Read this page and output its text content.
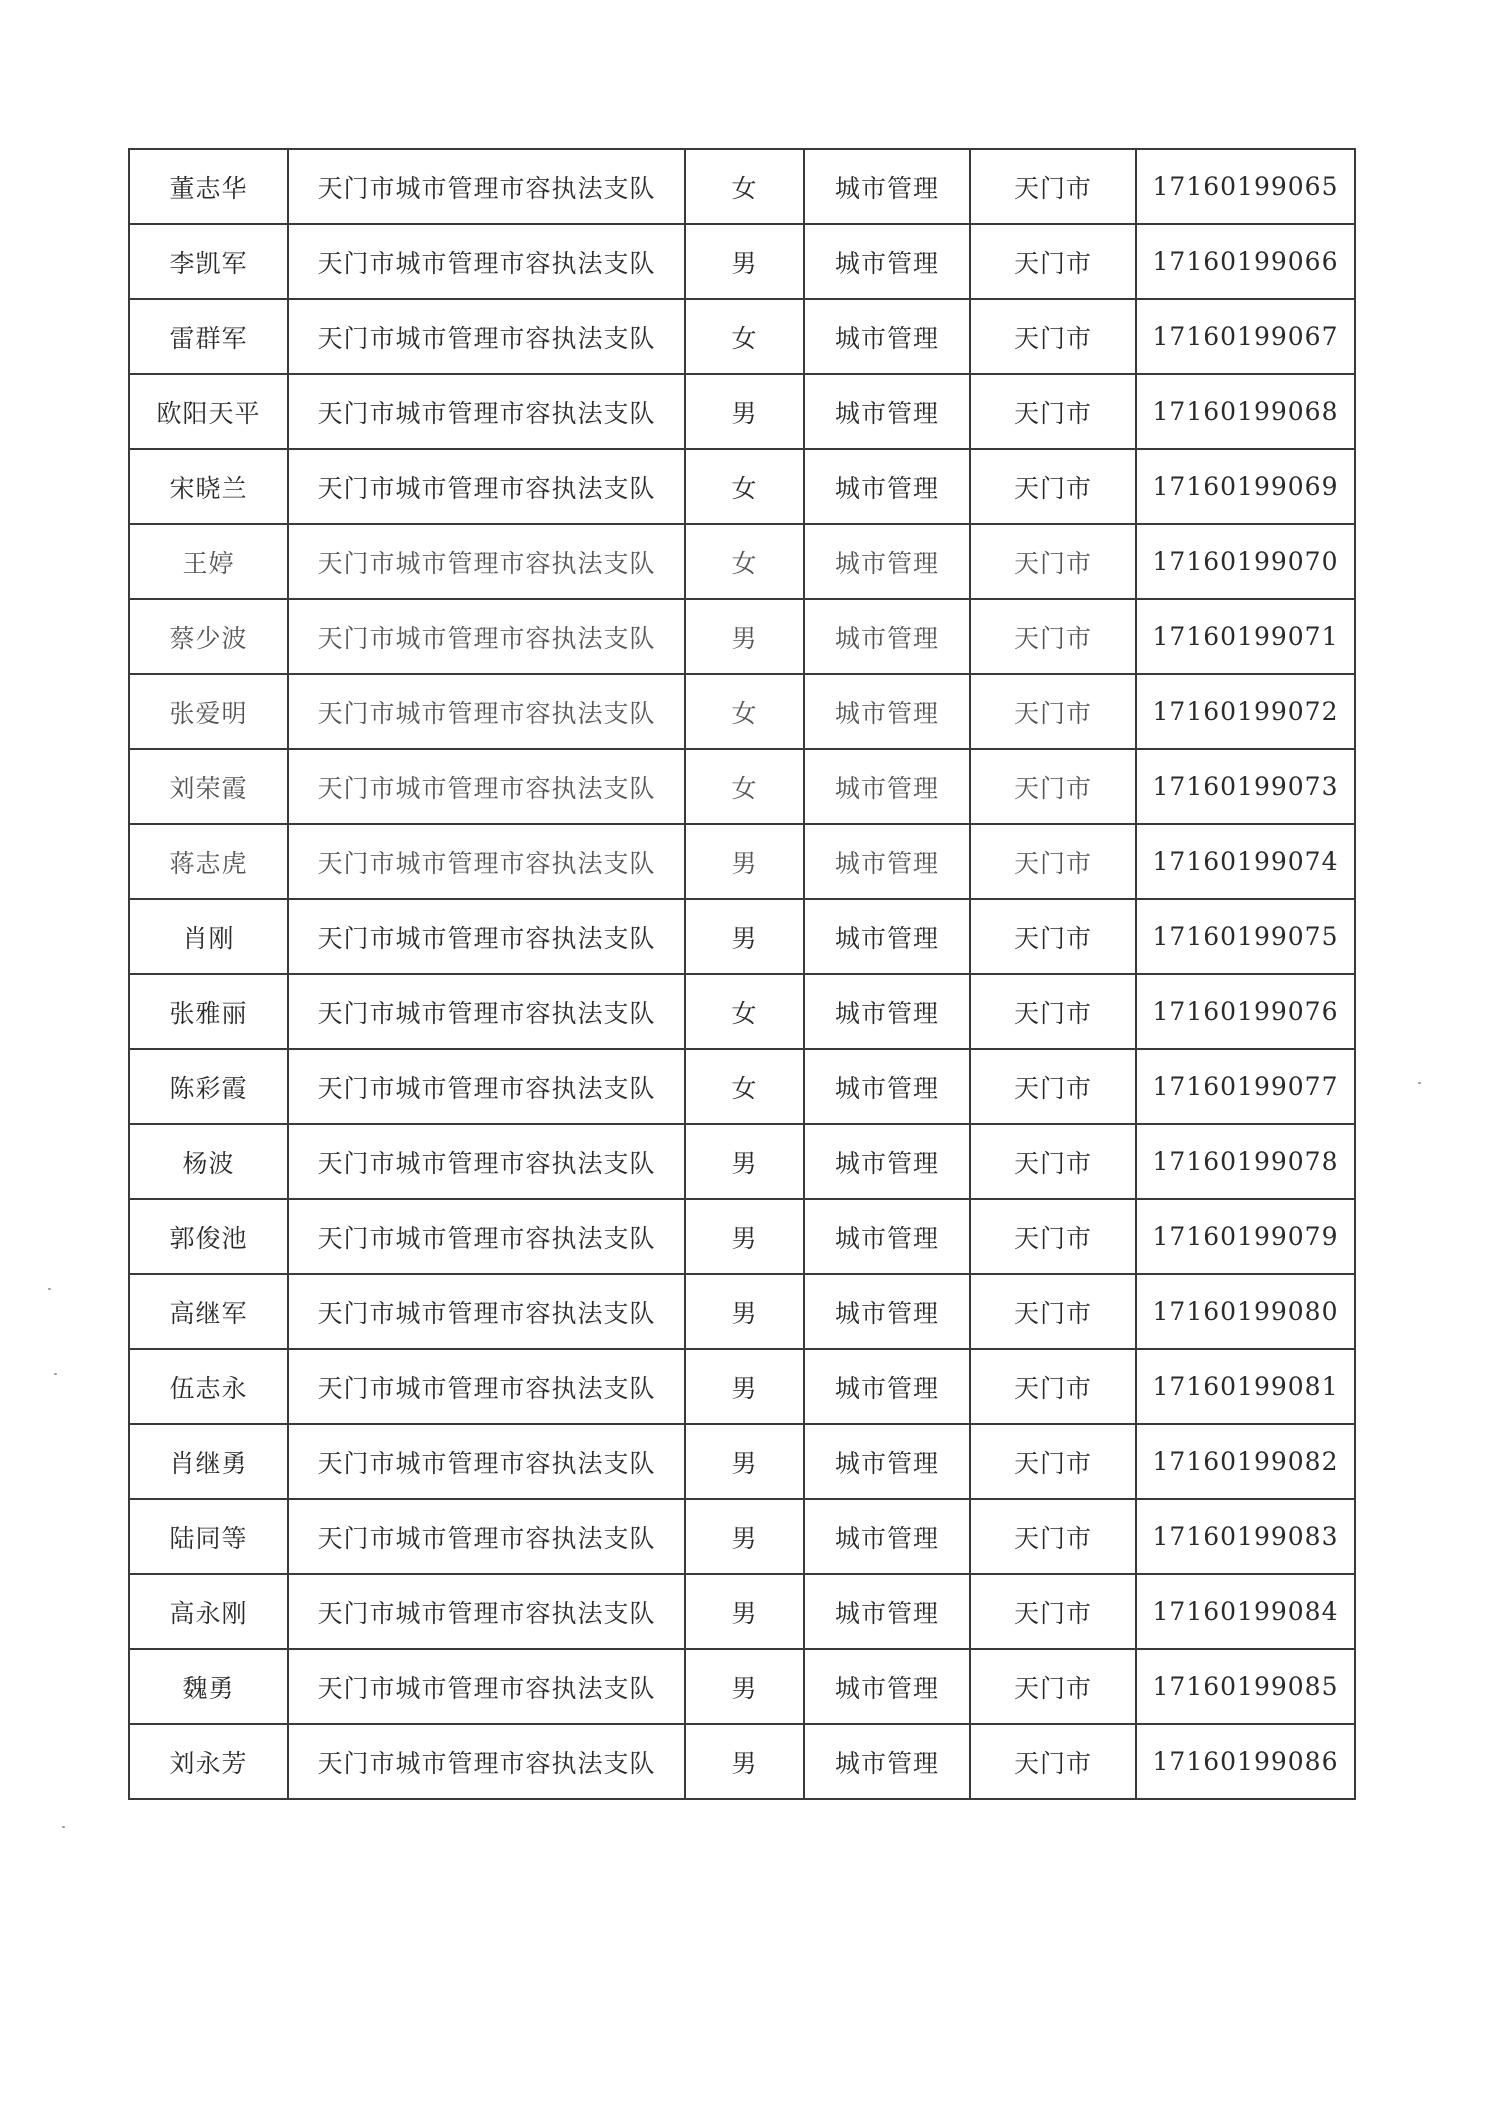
董志华	天门市城市管理市容执法支队	女	城市管理	天门市	17160199065
李凯军	天门市城市管理市容执法支队	男	城市管理	天门市	17160199066
雷群军	天门市城市管理市容执法支队	女	城市管理	天门市	17160199067
欧阳天平	天门市城市管理市容执法支队	男	城市管理	天门市	17160199068
宋晓兰	天门市城市管理市容执法支队	女	城市管理	天门市	17160199069
王婷	天门市城市管理市容执法支队	女	城市管理	天门市	17160199070
蔡少波	天门市城市管理市容执法支队	男	城市管理	天门市	17160199071
张爱明	天门市城市管理市容执法支队	女	城市管理	天门市	17160199072
刘荣霞	天门市城市管理市容执法支队	女	城市管理	天门市	17160199073
蒋志虎	天门市城市管理市容执法支队	男	城市管理	天门市	17160199074
肖刚	天门市城市管理市容执法支队	男	城市管理	天门市	17160199075
张雅丽	天门市城市管理市容执法支队	女	城市管理	天门市	17160199076
陈彩霞	天门市城市管理市容执法支队	女	城市管理	天门市	17160199077
杨波	天门市城市管理市容执法支队	男	城市管理	天门市	17160199078
郭俊池	天门市城市管理市容执法支队	男	城市管理	天门市	17160199079
高继军	天门市城市管理市容执法支队	男	城市管理	天门市	17160199080
伍志永	天门市城市管理市容执法支队	男	城市管理	天门市	17160199081
肖继勇	天门市城市管理市容执法支队	男	城市管理	天门市	17160199082
陆同等	天门市城市管理市容执法支队	男	城市管理	天门市	17160199083
高永刚	天门市城市管理市容执法支队	男	城市管理	天门市	17160199084
魏勇	天门市城市管理市容执法支队	男	城市管理	天门市	17160199085
刘永芳	天门市城市管理市容执法支队	男	城市管理	天门市	17160199086
